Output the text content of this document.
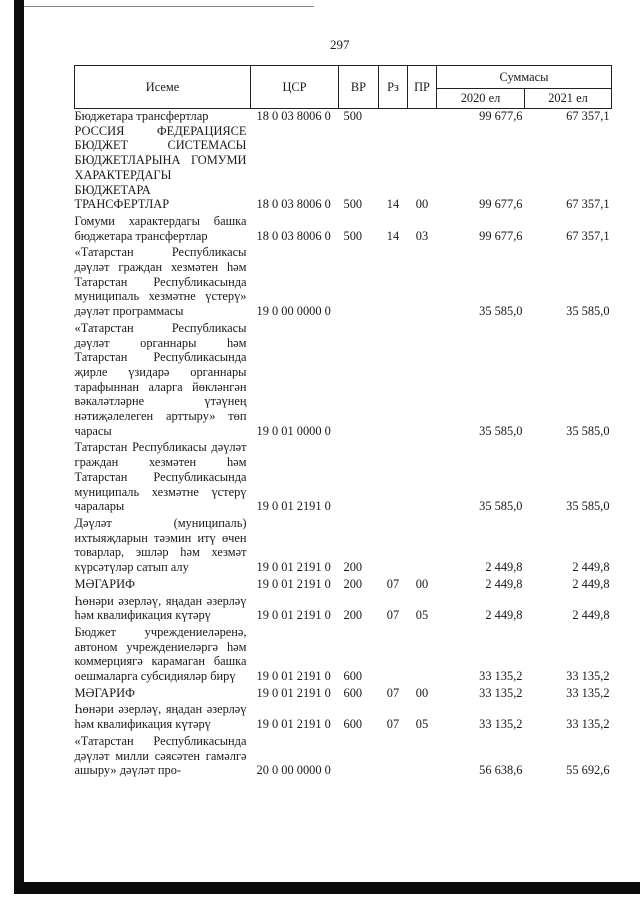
297
Исеме	ЦСР	ВР	Рз	ПР	Суммасы	
					2020 ел	2021 ел
Бюджетара трансфертлар	18 0 03 8006 0	500			99 677,6	67 357,1
РОССИЯ ФЕДЕРАЦИЯСЕ БЮДЖЕТ СИСТЕМАСЫ БЮДЖЕТЛАРЫНА ГОМУМИ ХАРАКТЕРДАГЫ БЮДЖЕТАРА ТРАНСФЕРТЛАР	18 0 03 8006 0	500	14	00	99 677,6	67 357,1
Гомуми характердагы башка бюджетара трансфертлар	18 0 03 8006 0	500	14	03	99 677,6	67 357,1
«Татарстан Республикасы дәүләт граждан хезмәтен һәм Татарстан Республикасында муниципаль хезмәтне үстерү» дәүләт программасы	19 0 00 0000 0				35 585,0	35 585,0
«Татарстан Республикасы дәүләт органнары һәм Татарстан Республикасында җирле үзидарә органнары тарафыннан аларга йөкләнгән вәкаләтләрне үтәүнең нәтиҗәлелеген арттыру» төп чарасы	19 0 01 0000 0				35 585,0	35 585,0
Татарстан Республикасы дәүләт граждан хезмәтен һәм Татарстан Республикасында муниципаль хезмәтне үстерү чаралары	19 0 01 2191 0				35 585,0	35 585,0
Дәүләт (муниципаль) ихтыяҗларын тәэмин итү өчен товарлар, эшләр һәм хезмәт күрсәтүләр сатып алу	19 0 01 2191 0	200			2 449,8	2 449,8
МӘГАРИФ	19 0 01 2191 0	200	07	00	2 449,8	2 449,8
Һөнәри әзерләү, яңадан әзерләү һәм квалификация күтәрү	19 0 01 2191 0	200	07	05	2 449,8	2 449,8
Бюджет учреждениеләренә, автоном учреждениеләргә һәм коммерциягә карамаган башка оешмаларга субсидияләр бирү	19 0 01 2191 0	600			33 135,2	33 135,2
МӘГАРИФ	19 0 01 2191 0	600	07	00	33 135,2	33 135,2
Һөнәри әзерләү, яңадан әзерләү һәм квалификация күтәрү	19 0 01 2191 0	600	07	05	33 135,2	33 135,2
«Татарстан Республикасында дәүләт милли сәясәтен гамәлгә ашыру» дәүләт про-	20 0 00 0000 0				56 638,6	55 692,6
